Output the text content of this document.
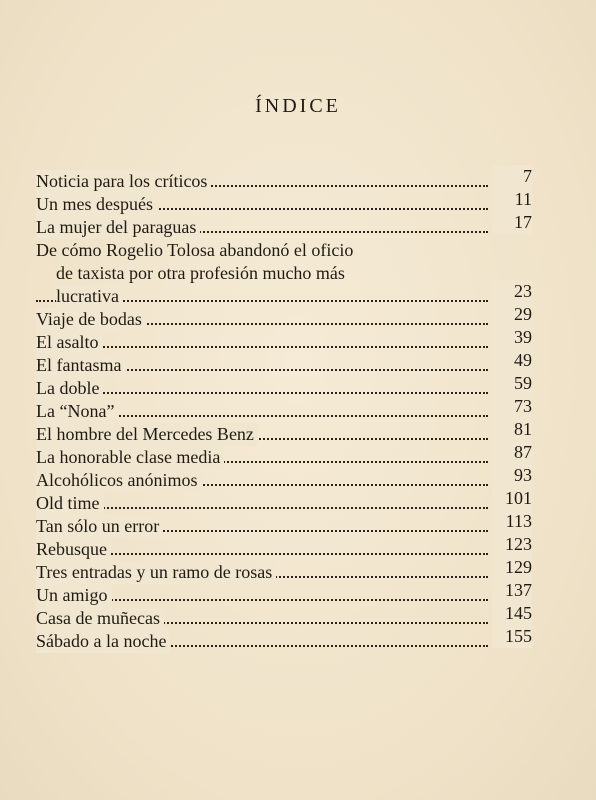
ÍNDICE
Noticia para los críticos	7
Un mes después	11
La mujer del paraguas	17
De cómo Rogelio Tolosa abandonó el oficio
de taxista por otra profesión mucho más
lucrativa	23
Viaje de bodas	29
El asalto	39
El fantasma	49
La doble	59
La “Nona”	73
El hombre del Mercedes Benz	81
La honorable clase media	87
Alcohólicos anónimos	93
Old time	101
Tan sólo un error	113
Rebusque	123
Tres entradas y un ramo de rosas	129
Un amigo	137
Casa de muñecas	145
Sábado a la noche	155
